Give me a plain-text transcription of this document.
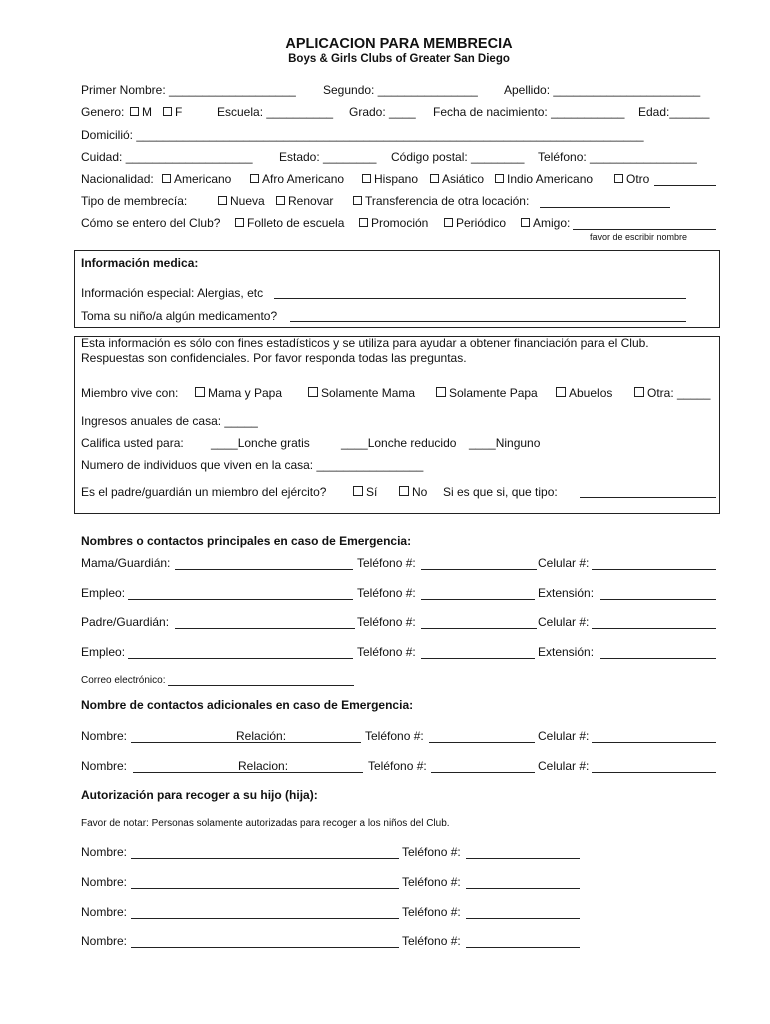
APLICACION PARA MEMBRECIA
Boys & Girls Clubs of Greater San Diego
Primer Nombre: ___________________ Segundo: _______________ Apellido: ______________________
Genero:	M	F	Escuela: __________ Grado: ____ Fecha de nacimiento: ___________ Edad:______
Domicilió: ____________________________________________________________________________
Cuidad: ___________________ Estado: ________ Código postal: ________ Teléfono: ________________
Nacionalidad:	Americano	Afro Americano	Hispano	Asiático	Indio Americano	Otro
Tipo de membrecía:	Nueva	Renovar	Transferencia de otra locación:
Cómo se entero del Club?	Folleto de escuela	Promoción	Periódico	Amigo:
favor de escribir nombre
Información medica:
Información especial: Alergias, etc
Toma su niño/a algún medicamento?
Esta información es sólo con fines estadísticos y se utiliza para ayudar a obtener financiación para el Club.
Respuestas son confidenciales. Por favor responda todas las preguntas.
Miembro vive con:	Mama y Papa	Solamente Mama	Solamente Papa	Abuelos	Otra: _____
Ingresos anuales de casa: _____
Califica usted para: ____Lonche gratis	____Lonche reducido ____Ninguno
Numero de individuos que viven en la casa: ________________
Es el padre/guardián un miembro del ejército?	Sí	No Si es que si, que tipo:
Nombres o contactos principales en caso de Emergencia:
Mama/Guardián:	Teléfono #:	Celular #:
Empleo:	Teléfono #:	Extensión:
Padre/Guardián:	Teléfono #:	Celular #:
Empleo:	Teléfono #:	Extensión:
Correo electrónico:
Nombre de contactos adicionales en caso de Emergencia:
Nombre:	Relación:	Teléfono #:	Celular #:
Nombre:	Relacion:	Teléfono #:	Celular #:
Autorización para recoger a su hijo (hija):
Favor de notar: Personas solamente autorizadas para recoger a los niños del Club.
Nombre:	Teléfono #:
Nombre:	Teléfono #:
Nombre:	Teléfono #:
Nombre:	Teléfono #:
